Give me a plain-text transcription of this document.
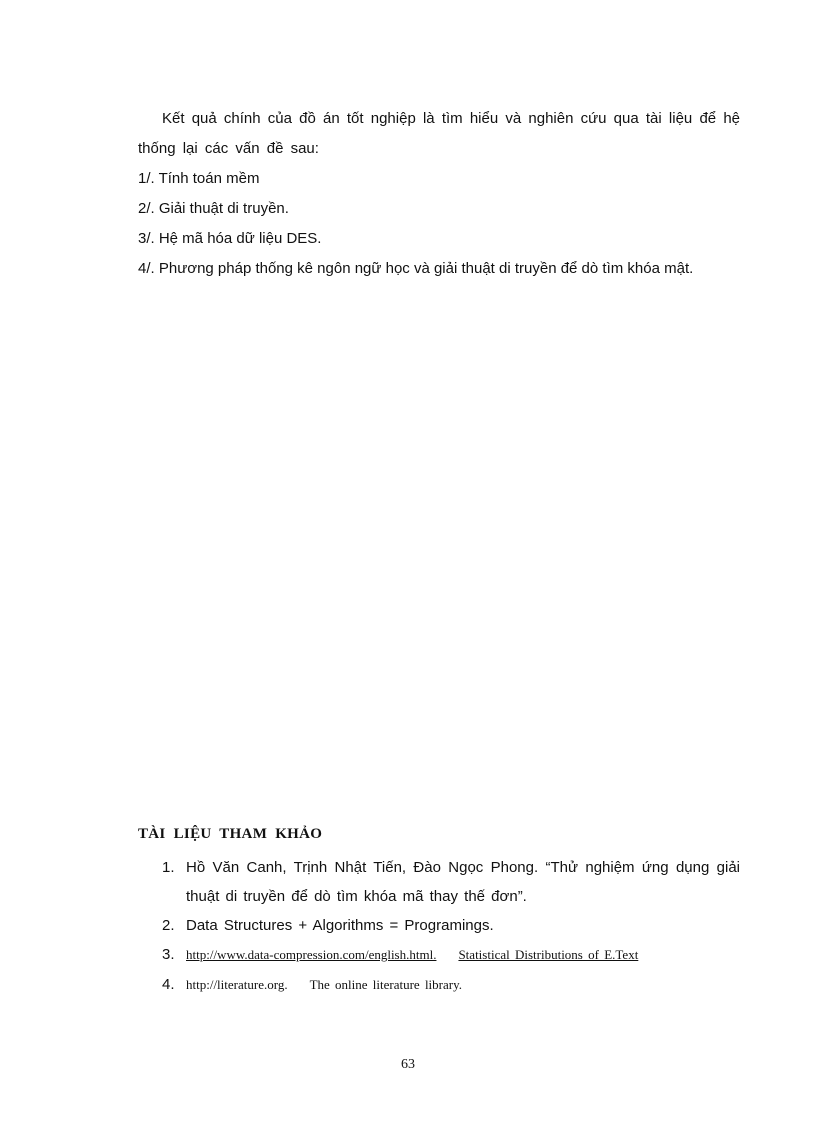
Kết quả chính của đồ án tốt nghiệp là tìm hiểu và nghiên cứu qua tài liệu để hệ thống lại các vấn đề sau:

1/. Tính toán mềm

2/. Giải thuật di truyền.

3/. Hệ mã hóa dữ liệu DES.

4/. Phương pháp thống kê ngôn ngữ học và giải thuật di truyền để dò tìm khóa mật.

TÀI LIỆU THAM KHẢO
1. Hồ Văn Canh, Trịnh Nhật Tiến, Đào Ngọc Phong. “Thử nghiệm ứng dụng giải thuật di truyền để dò tìm khóa mã thay thế đơn”.
2. Data Structures + Algorithms = Programings.
3. http://www.data-compression.com/english.html. Statistical Distributions of E.Text
4. http://literature.org. The online literature library.
63
